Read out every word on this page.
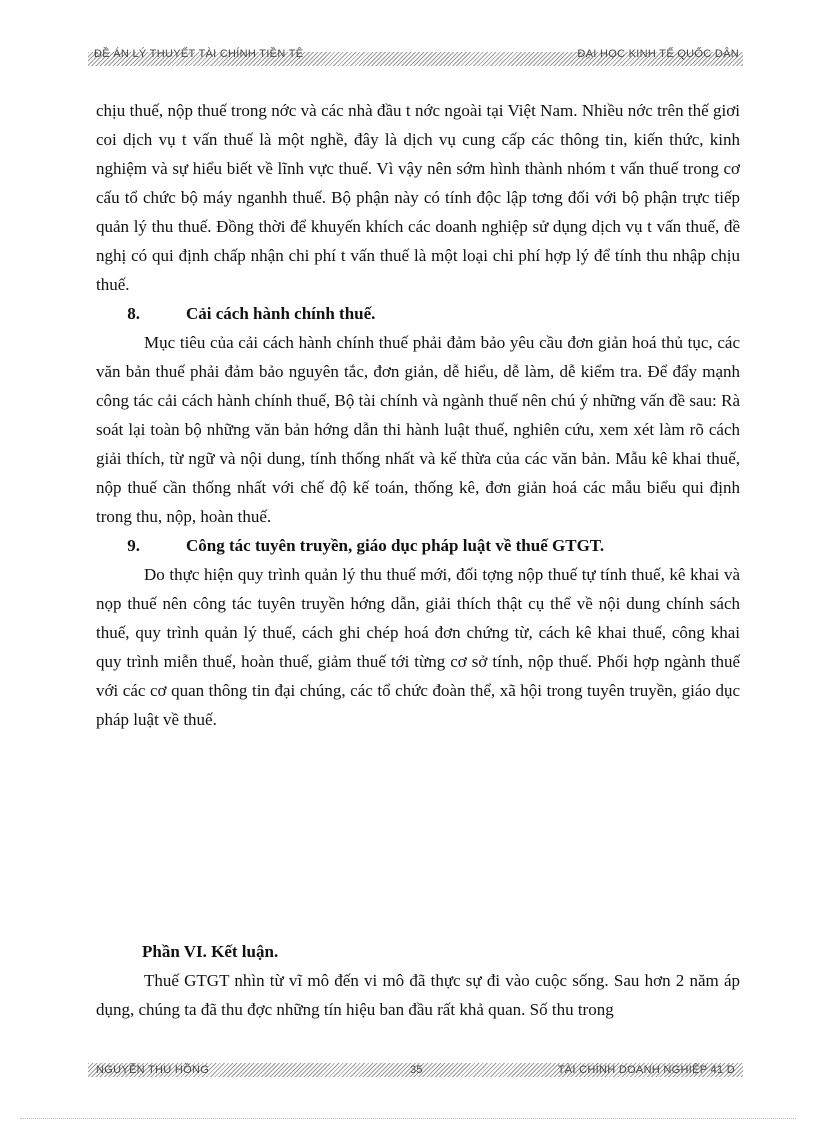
ĐỀ ÁN LÝ THUYẾT TÀI CHÍNH TIỀN TỆ	ĐẠI HỌC KINH TẾ QUỐC DÂN

chịu thuế, nộp thuế trong nớc và các nhà đầu t nớc ngoài tại Việt Nam. Nhiều nớc trên thế giơi coi dịch vụ t vấn thuế là một nghề, đây là dịch vụ cung cấp các thông tin, kiến thức, kinh nghiệm và sự hiểu biết về lĩnh vực thuế. Vì vậy nên sớm hình thành nhóm t vấn thuế trong cơ cấu tổ chức bộ máy nganhh thuế. Bộ phận này có tính độc lập tơng đối với bộ phận trực tiếp quản lý thu thuế. Đồng thời để khuyến khích các doanh nghiệp sử dụng dịch vụ t vấn thuế, đề nghị có qui định chấp nhận chi phí t vấn thuế là một loại chi phí hợp lý để tính thu nhập chịu thuế.

8.	Cải cách hành chính thuế.

Mục tiêu của cải cách hành chính thuế phải đảm bảo yêu cầu đơn giản hoá thủ tục, các văn bản thuế phải đảm bảo nguyên tắc, đơn giản, dễ hiểu, dễ làm, dễ kiểm tra. Để đẩy mạnh công tác cải cách hành chính thuế, Bộ tài chính và ngành thuế nên chú ý những vấn đề sau: Rà soát lại toàn bộ những văn bản hớng dẫn thi hành luật thuế, nghiên cứu, xem xét làm rõ cách giải thích, từ ngữ và nội dung, tính thống nhất và kế thừa của các văn bản. Mẫu kê khai thuế, nộp thuế cần thống nhất với chế độ kế toán, thống kê, đơn giản hoá các mẫu biểu qui định trong thu, nộp, hoàn thuế.

9.	Công tác tuyên truyền, giáo dục pháp luật về thuế GTGT.

Do thực hiện quy trình quản lý thu thuế mới, đối tợng nộp thuế tự tính thuế, kê khai và nọp thuế nên công tác tuyên truyền hớng dẫn, giải thích thật cụ thể về nội dung chính sách thuế, quy trình quản lý thuế, cách ghi chép hoá đơn chứng từ, cách kê khai thuế, công khai quy trình miễn thuế, hoàn thuế, giảm thuế tới từng cơ sở tính, nộp thuế. Phối hợp ngành thuế với các cơ quan thông tin đại chúng, các tổ chức đoàn thể, xã hội trong tuyên truyền, giáo dục pháp luật về thuế.

Phần VI. Kết luận.

Thuế GTGT nhìn từ vĩ mô đến vi mô đã thực sự đi vào cuộc sống. Sau hơn 2 năm áp dụng, chúng ta đã thu đợc những tín hiệu ban đầu rất khả quan. Số thu trong

NGUYỄN THU HỒNG	35	TÀI CHÍNH DOANH NGHIỆP 41 D
